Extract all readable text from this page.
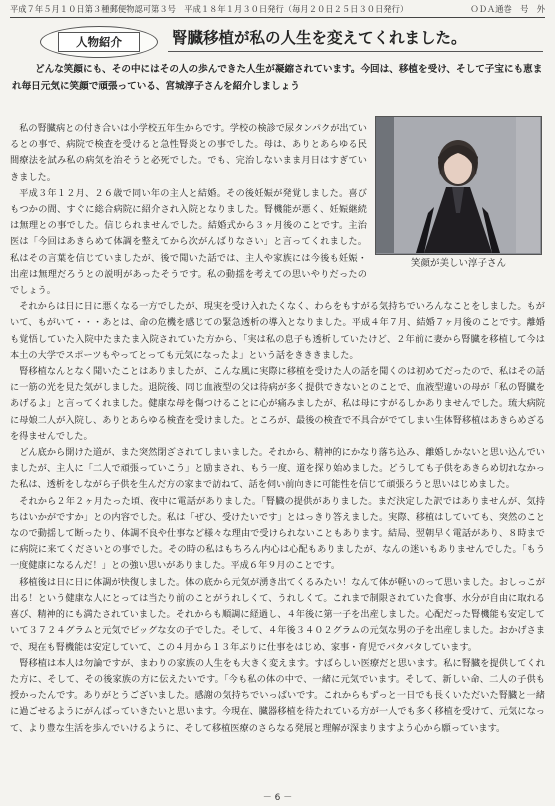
平成７年５月１０日第３種郵便物認可第３号　平成１８年１月３０日発行（毎月２０日２５日３０日発行）	ＯＤＡ通巻　号　外
人物紹介	腎臓移植が私の人生を変えてくれました。

どんな笑顔にも、その中にはその人の歩んできた人生が凝縮されています。今回は、移植を受け、そして子宝にも恵まれ毎日元気に笑顔で頑張っている、宮城淳子さんを紹介しましょう

笑顔が美しい淳子さん

私の腎臓病との付き合いは小学校五年生からです。学校の検診で尿タンパクが出ているとの事で、病院で検査を受けると急性腎炎との事でした。母は、ありとあらゆる民間療法を試み私の病気を治そうと必死でした。でも、完治しないまま月日はすぎていきました。

平成３年１２月、２６歳で同い年の主人と結婚。その後妊娠が発覚しました。喜びもつかの間、すぐに総合病院に紹介され入院となりました。腎機能が悪く、妊娠継続は無理との事でした。信じられませんでした。結婚式から３ヶ月後のことです。主治医は「今回はあきらめて体調を整えてから次がんばりなさい」と言ってくれました。私はその言葉を信じていましたが、後で聞いた話では、主人や家族には今後も妊娠・出産は無理だろうとの説明があったそうです。私の動揺を考えての思いやりだったのでしょう。

それからは日に日に悪くなる一方でしたが、現実を受け入れたくなく、わらをもすがる気持ちでいろんなことをしました。もがいて、もがいて・・・あとは、命の危機を感じての緊急透析の導入となりました。平成４年７月、結婚７ヶ月後のことです。離婚も覚悟していた入院中たまたま入院されていた方から、「実は私の息子も透析していたけど、２年前に妻から腎臓を移植して今は本土の大学でスポーツもやってとっても元気になったよ」という話をきききました。

腎移植なんとなく聞いたことはありましたが、こんな風に実際に移植を受けた人の話を聞くのは初めてだったので、私はその話に一筋の光を見た気がしました。退院後、同じ血液型の父は待病が多く提供できないとのことで、血液型違いの母が「私の腎臓をあげるよ」と言ってくれました。健康な母を傷つけることに心が痛みましたが、私は母にすがるしかありませんでした。琉大病院に母娘二人が入院し、ありとあらゆる検査を受けました。ところが、最後の検査で不具合がでてしまい生体腎移植はあきらめざるを得ませんでした。

どん底から開けた道が、また突然閉ざされてしまいました。それから、精神的にかなり落ち込み、離婚しかないと思い込んでいましたが、主人に「二人で頑張っていこう」と励まされ、もう一度、道を探り始めました。どうしても子供をあきらめ切れなかった私は、透析をしながら子供を生んだ方の家まで訪ねて、話を伺い前向きに可能性を信じて頑張ろうと思いはじめました。

それから２年２ヶ月たった頃、夜中に電話がありました。「腎臓の提供がありました。まだ決定した訳ではありませんが、気持ちはいかがですか」との内容でした。私は「ぜひ、受けたいです」とはっきり答えました。実際、移植はしていても、突然のことなので動揺して断ったり、体調不良や仕事など様々な理由で受けられないこともあります。結局、翌朝早く電話があり、８時までに病院に来てくださいとの事でした。その時の私はもちろん内心は心配もありましたが、なんの迷いもありませんでした。「もう一度健康になるんだ！」との強い思いがありました。平成６年９月のことです。

移植後は日に日に体調が快復しました。体の底から元気が湧き出てくるみたい！なんて体が軽いのって思いました。おしっこが出る！という健康な人にとっては当たり前のことがうれしくて、うれしくて。これまで制限されていた食事、水分が自由に取れる喜び、精神的にも満たされていました。それからも順調に経過し、４年後に第一子を出産しました。心配だった腎機能も安定していて３７２４グラムと元気でビッグな女の子でした。そして、４年後３４０２グラムの元気な男の子を出産しました。おかげさまで、現在も腎機能は安定していて、この４月から１３年ぶりに仕事をはじめ、家事・育児でバタバタしています。

腎移植は本人は勿論ですが、まわりの家族の人生をも大きく変えます。すばらしい医療だと思います。私に腎臓を提供してくれた方に、そして、その後家族の方に伝えたいです。「今も私の体の中で、一緒に元気でいます。そして、新しい命、二人の子供も授かったんです。ありがとうございました。感謝の気持ちでいっぱいです。これからもずっと一日でも長くいただいた腎臓と一緒に過ごせるようにがんばっていきたいと思います。今現在、臓器移植を待たれている方が一人でも多く移植を受けて、元気になって、より豊な生活を歩んでいけるように、そして移植医療のさらなる発展と理解が深まりますよう心から願っています。

－ 6 －
